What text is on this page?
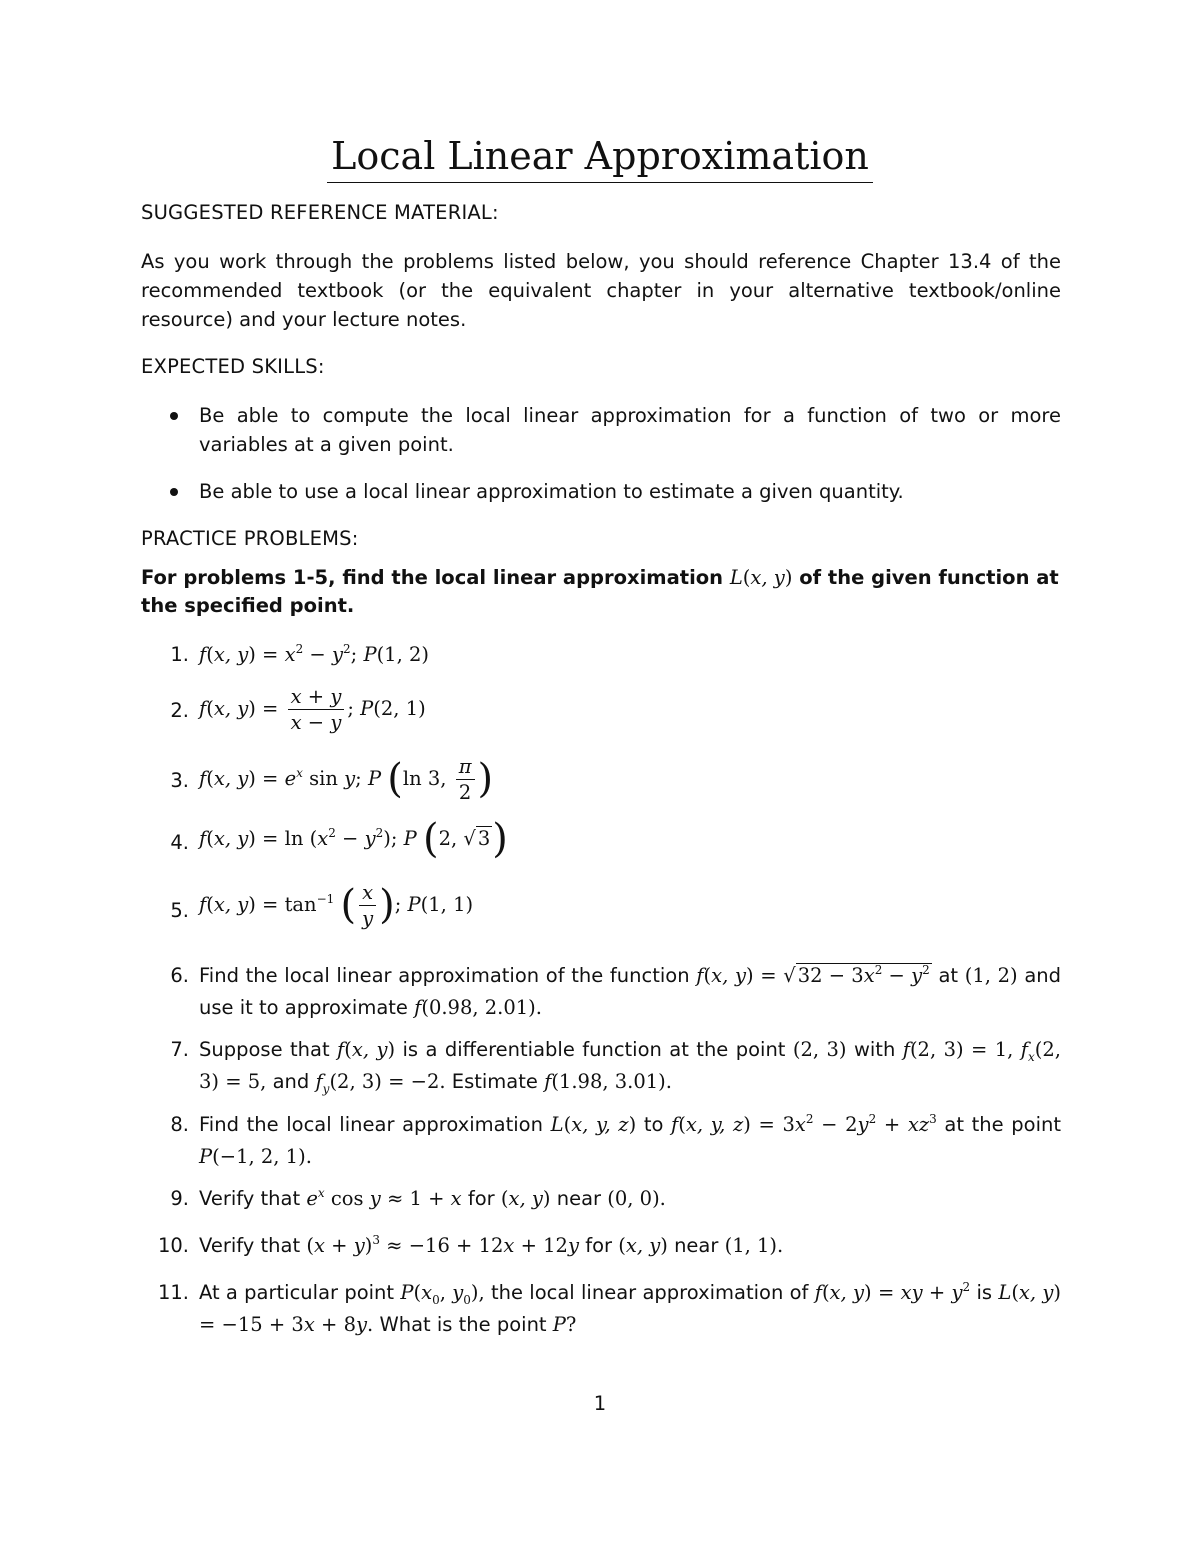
Local Linear Approximation
SUGGESTED REFERENCE MATERIAL:
As you work through the problems listed below, you should reference Chapter 13.4 of the recommended textbook (or the equivalent chapter in your alternative textbook/online resource) and your lecture notes.
EXPECTED SKILLS:
Be able to compute the local linear approximation for a function of two or more variables at a given point.
Be able to use a local linear approximation to estimate a given quantity.
PRACTICE PROBLEMS:
For problems 1-5, find the local linear approximation L(x, y) of the given function at the specified point.
1. f(x, $y) = x^2 - y^2$; P(1, 2)
2. f(x, $y) = \frac{x + y}{x - y}$ ; P(2, 1)
3. f(x, $y) = e^x$ sin y; P (ln 3, $\frac{\pi}{2}$ )
4. f(x, $y) = \ln (x^2 - y^2)$; P (2, √ 3)
5. f(x, $y) = \tan^{-1}$ ( $\frac{x}{y}$ ); P(1, 1)
6. Find the local linear approximation of the function f(x, y) = √ $32 - 3x^2 - y^2$ at (1, 2) and use it to approximate f(0.98, 2.01).
7. Suppose that f(x, y) is a differentiable function at the point (2, 3) with f(2, 3) = 1, $f_x(2$, 3) = 5, and $f_y(2$, 3) = −2. Estimate f(1.98, 3.01).
8. Find the local linear approximation L(x, y, z) to f(x, y, $z) = 3x^2 - 2y^2 + xz^3$ at the point P(−1, 2, 1).
9. Verify that $e^x$ cos y ≈ 1 + x for (x, y) near (0, 0).
10. Verify that $(x + y)^3 \approx -16 + 12x + 12y$ for (x, y) near (1, 1).
11. At a particular point $P(x_0$, $y_0$), the local linear approximation of f(x, y) = xy + $y^2$ is L(x, y) = −15 + 3x + 8y. What is the point P?
1
